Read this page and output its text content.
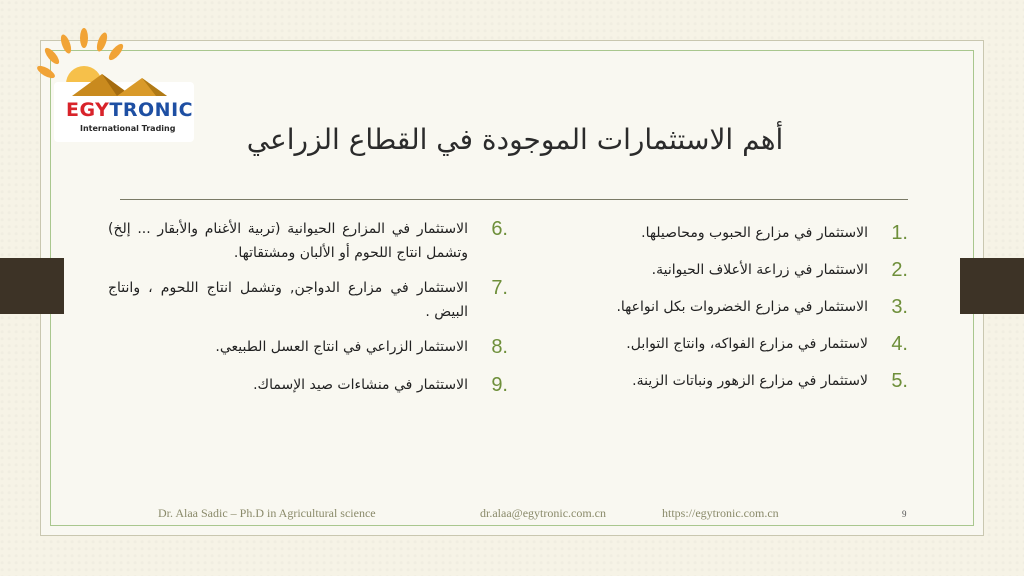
EGYTRONIC
International Trading	أهم الاستثمارات الموجودة في القطاع الزراعي
1.
الاستثمار في مزارع الحبوب ومحاصيلها.
2.
الاستثمار في زراعة الأعلاف الحيوانية.
3.
الاستثمار في مزارع الخضروات بكل انواعها.
4.
لاستثمار في مزارع الفواكه، وانتاج التوابل.
5.
لاستثمار في مزارع الزهور ونباتات الزينة.
6.
الاستثمار في المزارع الحيوانية (تربية الأغنام والأبقار ... إلخ) وتشمل انتاج اللحوم أو الألبان ومشتقاتها.
7.
الاستثمار في مزارع الدواجن, وتشمل انتاج اللحوم ، وانتاج البيض .
8.
الاستثمار الزراعي في انتاج العسل الطبيعي.
9.
الاستثمار في منشاءات صيد الإسماك.
Dr. Alaa Sadic – Ph.D in Agricultural science	dr.alaa@egytronic.com.cn	https://egytronic.com.cn	9
